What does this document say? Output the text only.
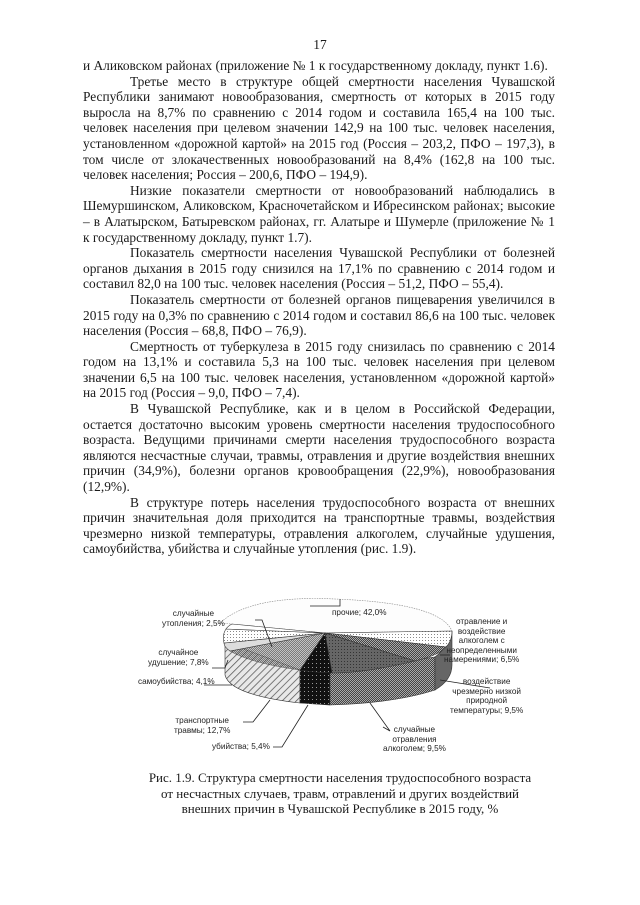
17

и Аликовском районах (приложение № 1 к государственному докладу, пункт 1.6).

Третье место в структуре общей смертности населения Чувашской Республики занимают новообразования, смертность от которых в 2015 году выросла на 8,7% по сравнению с 2014 годом и составила 165,4 на 100 тыс. человек населения при целевом значении 142,9 на 100 тыс. человек населения, установленном «дорожной картой» на 2015 год (Россия – 203,2, ПФО – 197,3), в том числе от злокачественных новообразований на 8,4% (162,8 на 100 тыс. человек населения; Россия – 200,6, ПФО – 194,9).

Низкие показатели смертности от новообразований наблюдались в Шемуршинском, Аликовском, Красночетайском и Ибресинском районах; высокие – в Алатырском, Батыревском районах, гг. Алатыре и Шумерле (приложение № 1 к государственному докладу, пункт 1.7).

Показатель смертности населения Чувашской Республики от болезней органов дыхания в 2015 году снизился на 17,1% по сравнению с 2014 годом и составил 82,0 на 100 тыс. человек населения (Россия – 51,2, ПФО – 55,4).

Показатель смертности от болезней органов пищеварения увеличился в 2015 году на 0,3% по сравнению с 2014 годом и составил 86,6 на 100 тыс. человек населения (Россия – 68,8, ПФО – 76,9).

Смертность от туберкулеза в 2015 году снизилась по сравнению с 2014 годом на 13,1% и составила 5,3 на 100 тыс. человек населения при целевом значении 6,5 на 100 тыс. человек населения, установленном «дорожной картой» на 2015 год (Россия – 9,0, ПФО – 7,4).

В Чувашской Республике, как и в целом в Российской Федерации, остается достаточно высоким уровень смертности населения трудоспособного возраста. Ведущими причинами смерти населения трудоспособного возраста являются несчастные случаи, травмы, отравления и другие воздействия внешних причин (34,9%), болезни органов кровообращения (22,9%), новообразования (12,9%).

В структуре потерь населения трудоспособного возраста от внешних причин значительная доля приходится на транспортные травмы, воздействия чрезмерно низкой температуры, отравления алкоголем, случайные удушения, самоубийства, убийства и случайные утопления (рис. 1.9).

случайные
утопления; 2,5%
прочие; 42,0%
отравление и
воздействие
алкоголем с
неопределенными
намерениями; 6,5%
случайное
удушение; 7,8%
самоубийства; 4,1%	воздействие
чрезмерно низкой
природной
температуры; 9,5%
транспортные
травмы; 12,7%
убийства; 5,4%
случайные
отравления
алкоголем; 9,5%
Рис. 1.9. Структура смертности населения трудоспособного возраста
от несчастных случаев, травм, отравлений и других воздействий
внешних причин в Чувашской Республике в 2015 году, %
